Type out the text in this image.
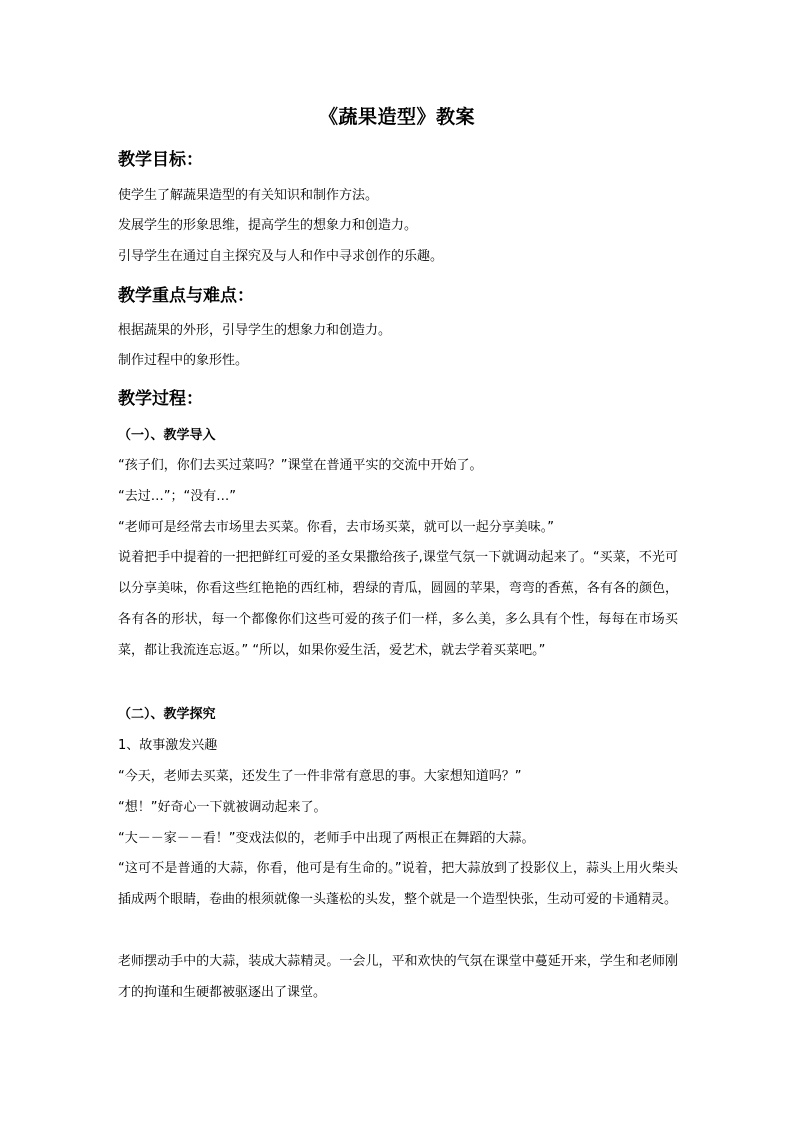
《蔬果造型》教案
教学目标：
使学生了解蔬果造型的有关知识和制作方法。
发展学生的形象思维，提高学生的想象力和创造力。
引导学生在通过自主探究及与人和作中寻求创作的乐趣。
教学重点与难点：
根据蔬果的外形，引导学生的想象力和创造力。
制作过程中的象形性。
教学过程：
（一）、教学导入
“孩子们，你们去买过菜吗？”课堂在普通平实的交流中开始了。
“去过…”；“没有…”
“老师可是经常去市场里去买菜。你看，去市场买菜，就可以一起分享美味。”
说着把手中提着的一把把鲜红可爱的圣女果撒给孩子,课堂气氛一下就调动起来了。“买菜，不光可以分享美味，你看这些红艳艳的西红柿，碧绿的青瓜，圆圆的苹果，弯弯的香蕉，各有各的颜色，各有各的形状，每一个都像你们这些可爱的孩子们一样，多么美，多么具有个性，每每在市场买菜，都让我流连忘返。” “所以，如果你爱生活，爱艺术，就去学着买菜吧。”
（二）、教学探究
1、故事激发兴趣
“今天，老师去买菜，还发生了一件非常有意思的事。大家想知道吗？”
“想！”好奇心一下就被调动起来了。
“大－－家－－看！”变戏法似的，老师手中出现了两根正在舞蹈的大蒜。
“这可不是普通的大蒜，你看，他可是有生命的。”说着，把大蒜放到了投影仪上，蒜头上用火柴头插成两个眼睛，卷曲的根须就像一头蓬松的头发，整个就是一个造型快张，生动可爱的卡通精灵。
老师摆动手中的大蒜，装成大蒜精灵。一会儿，平和欢快的气氛在课堂中蔓延开来，学生和老师刚才的拘谨和生硬都被驱逐出了课堂。
